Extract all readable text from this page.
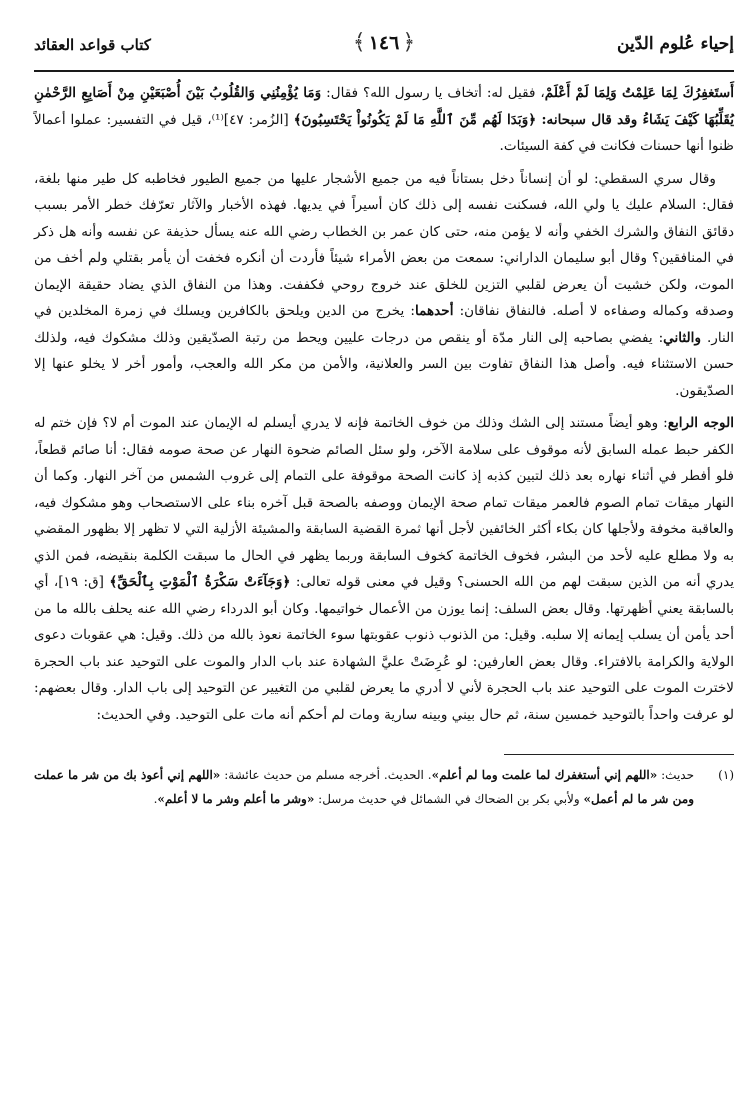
إحياء عُلوم الدّين
﴿١٤٦﴾
كتاب قواعد العقائد

أَستَغفِرُكَ لِمَا عَلِمْتُ وَلِمَا لَمْ أَعْلَمْ، فقيل له: أتخاف يا رسول الله؟ فقال: وَمَا يُؤْمِنُنِي وَالقُلُوبُ بَيْنَ أُصْبَعَيْنِ مِنْ أَصَابِعِ الرَّحْمٰنِ يُقَلِّبُهَا كَيْفَ يَشَاءُ وقد قال سبحانه: ﴿وَبَدَا لَهُم مِّنَ ٱللَّهِ مَا لَمْ يَكُونُواْ يَحْتَسِبُونَ﴾ [الزُمر: ٤٧]⁽¹⁾، قيل في التفسير: عملوا أعمالاً ظنوا أنها حسنات فكانت في كفة السيئات.

وقال سري السقطي: لو أن إنساناً دخل بستاناً فيه من جميع الأشجار عليها من جميع الطيور فخاطبه كل طير منها بلغة، فقال: السلام عليك يا ولي الله، فسكنت نفسه إلى ذلك كان أسيراً في يديها. فهذه الأخبار والآثار تعرّفك خطر الأمر بسبب دقائق النفاق والشرك الخفي وأنه لا يؤمن منه، حتى كان عمر بن الخطاب رضي الله عنه يسأل حذيفة عن نفسه وأنه هل ذكر في المنافقين؟ وقال أبو سليمان الداراني: سمعت من بعض الأمراء شيئاً فأردت أن أنكره فخفت أن يأمر بقتلي ولم أخف من الموت، ولكن خشيت أن يعرض لقلبي التزين للخلق عند خروج روحي فكففت. وهذا من النفاق الذي يضاد حقيقة الإيمان وصدقه وكماله وصفاءه لا أصله. فالنفاق نفاقان: أحدهما: يخرج من الدين ويلحق بالكافرين ويسلك في زمرة المخلدين في النار. والثاني: يفضي بصاحبه إلى النار مدّة أو ينقص من درجات عليين ويحط من رتبة الصدّيقين وذلك مشكوك فيه، ولذلك حسن الاستثناء فيه. وأصل هذا النفاق تفاوت بين السر والعلانية، والأمن من مكر الله والعجب، وأمور أخر لا يخلو عنها إلا الصدّيقون.

الوجه الرابع: وهو أيضاً مستند إلى الشك وذلك من خوف الخاتمة فإنه لا يدري أيسلم له الإيمان عند الموت أم لا؟ فإن ختم له الكفر حبط عمله السابق لأنه موقوف على سلامة الآخر، ولو سئل الصائم ضحوة النهار عن صحة صومه فقال: أنا صائم قطعاً، فلو أفطر في أثناء نهاره بعد ذلك لتبين كذبه إذ كانت الصحة موقوفة على التمام إلى غروب الشمس من آخر النهار. وكما أن النهار ميقات تمام الصوم فالعمر ميقات تمام صحة الإيمان ووصفه بالصحة قبل آخره بناء على الاستصحاب وهو مشكوك فيه، والعاقبة مخوفة ولأجلها كان بكاء أكثر الخائفين لأجل أنها ثمرة القضية السابقة والمشيئة الأزلية التي لا تظهر إلا بظهور المقضي به ولا مطلع عليه لأحد من البشر، فخوف الخاتمة كخوف السابقة وربما يظهر في الحال ما سبقت الكلمة بنقيضه، فمن الذي يدري أنه من الذين سبقت لهم من الله الحسنى؟ وقيل في معنى قوله تعالى: ﴿وَجَآءَتْ سَكْرَةُ ٱلْمَوْتِ بِٱلْحَقِّ﴾ [ق: ١٩]، أي بالسابقة يعني أظهرتها. وقال بعض السلف: إنما يوزن من الأعمال خواتيمها. وكان أبو الدرداء رضي الله عنه يحلف بالله ما من أحد يأمن أن يسلب إيمانه إلا سلبه. وقيل: من الذنوب ذنوب عقوبتها سوء الخاتمة نعوذ بالله من ذلك. وقيل: هي عقوبات دعوى الولاية والكرامة بالافتراء. وقال بعض العارفين: لو عُرِضَتْ عليَّ الشهادة عند باب الدار والموت على التوحيد عند باب الحجرة لاخترت الموت على التوحيد عند باب الحجرة لأني لا أدري ما يعرض لقلبي من التغيير عن التوحيد إلى باب الدار. وقال بعضهم: لو عرفت واحداً بالتوحيد خمسين سنة، ثم حال بيني وبينه سارية ومات لم أحكم أنه مات على التوحيد. وفي الحديث:

(١)
حديث: «اللهم إني أستغفرك لما علمت وما لم أعلم». الحديث. أخرجه مسلم من حديث عائشة: «اللهم إني أعوذ بك من شر ما عملت ومن شر ما لم أعمل» ولأبي بكر بن الضحاك في الشمائل في حديث مرسل: «وشر ما أعلم وشر ما لا أعلم».
